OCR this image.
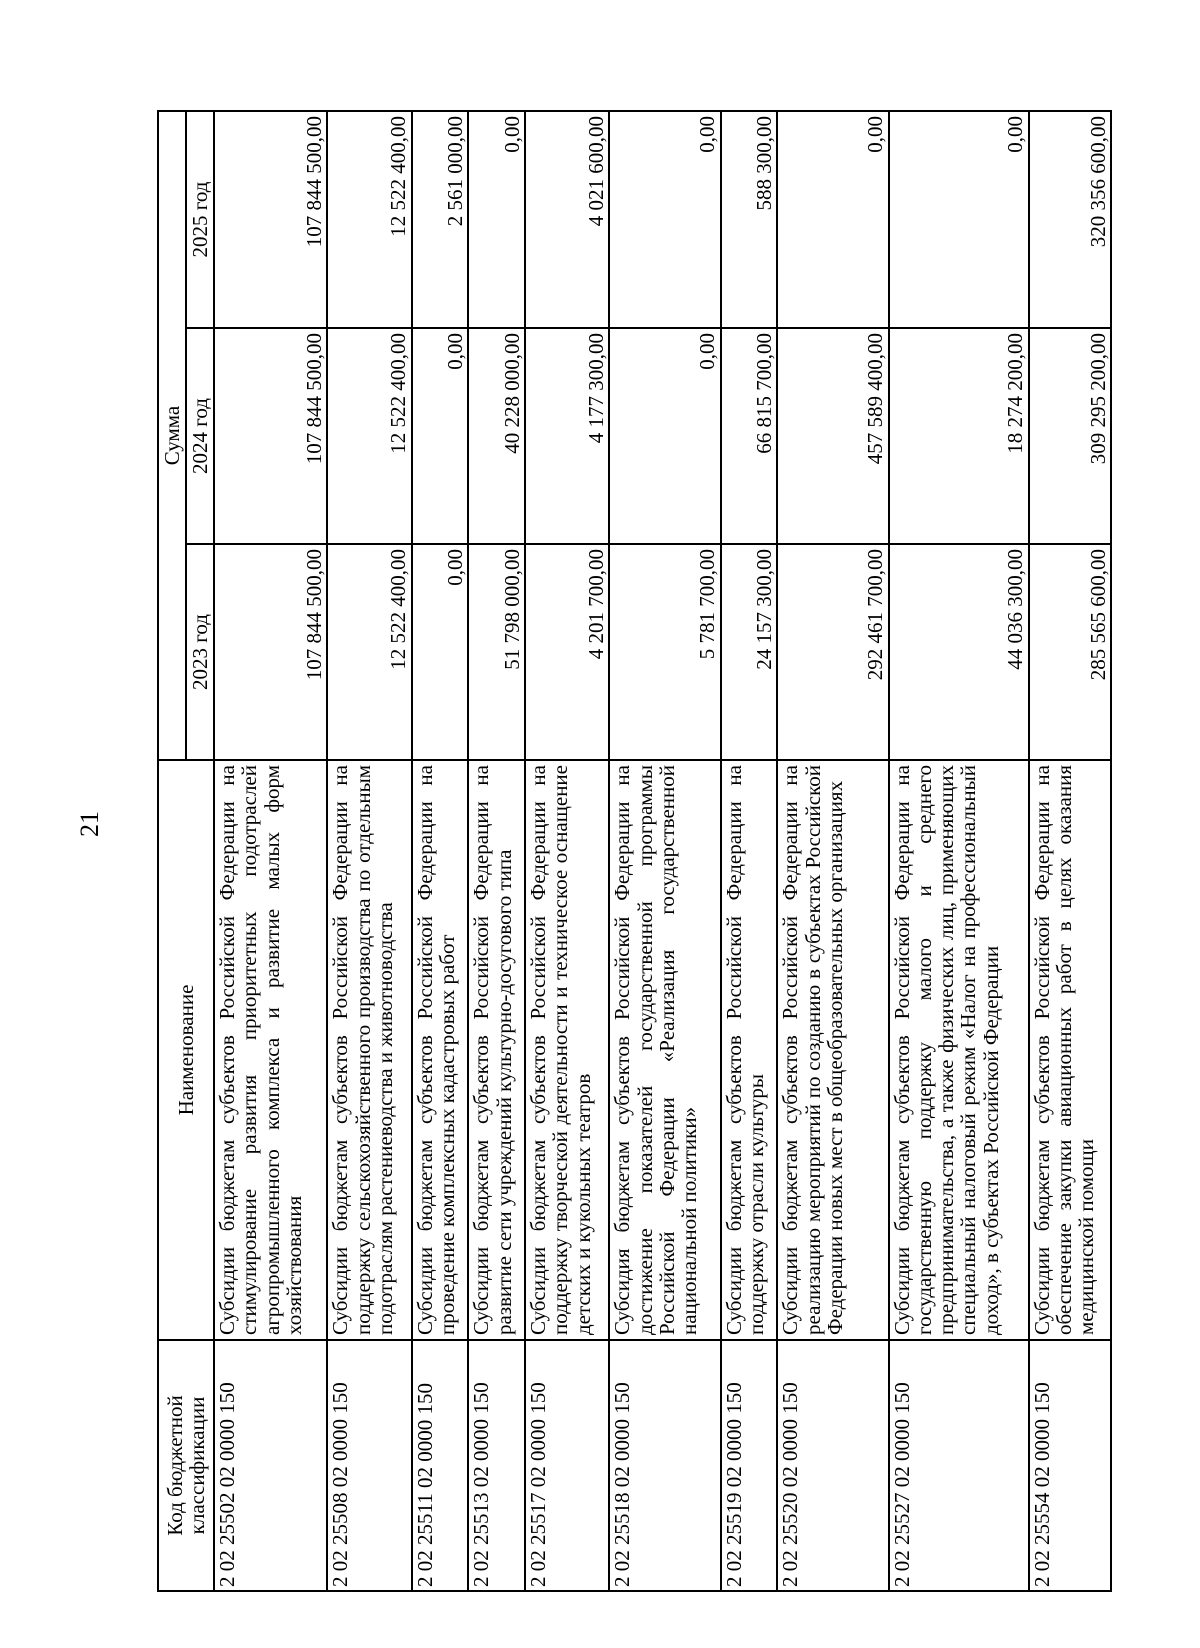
21
Код бюджетной классификации	Наименование	Сумма		
		2023 год	2024 год	2025 год
2 02 25502 02 0000 150	Субсидии бюджетам субъектов Российской Федерации на стимулирование развития приоритетных подотраслей агропромышленного комплекса и развитие малых форм хозяйствования	107 844 500,00	107 844 500,00	107 844 500,00
2 02 25508 02 0000 150	Субсидии бюджетам субъектов Российской Федерации на поддержку сельскохозяйственного производства по отдельным подотраслям растениеводства и животноводства	12 522 400,00	12 522 400,00	12 522 400,00
2 02 25511 02 0000 150	Субсидии бюджетам субъектов Российской Федерации на проведение комплексных кадастровых работ	0,00	0,00	2 561 000,00
2 02 25513 02 0000 150	Субсидии бюджетам субъектов Российской Федерации на развитие сети учреждений культурно-досугового типа	51 798 000,00	40 228 000,00	0,00
2 02 25517 02 0000 150	Субсидии бюджетам субъектов Российской Федерации на поддержку творческой деятельности и техническое оснащение детских и кукольных театров	4 201 700,00	4 177 300,00	4 021 600,00
2 02 25518 02 0000 150	Субсидия бюджетам субъектов Российской Федерации на достижение показателей государственной программы Российской Федерации «Реализация государственной национальной политики»	5 781 700,00	0,00	0,00
2 02 25519 02 0000 150	Субсидии бюджетам субъектов Российской Федерации на поддержку отрасли культуры	24 157 300,00	66 815 700,00	588 300,00
2 02 25520 02 0000 150	Субсидии бюджетам субъектов Российской Федерации на реализацию мероприятий по созданию в субъектах Российской Федерации новых мест в общеобразовательных организациях	292 461 700,00	457 589 400,00	0,00
2 02 25527 02 0000 150	Субсидии бюджетам субъектов Российской Федерации на государственную поддержку малого и среднего предпринимательства, а также физических лиц, применяющих специальный налоговый режим «Налог на профессиональный доход», в субъектах Российской Федерации	44 036 300,00	18 274 200,00	0,00
2 02 25554 02 0000 150	Субсидии бюджетам субъектов Российской Федерации на обеспечение закупки авиационных работ в целях оказания медицинской помощи	285 565 600,00	309 295 200,00	320 356 600,00
